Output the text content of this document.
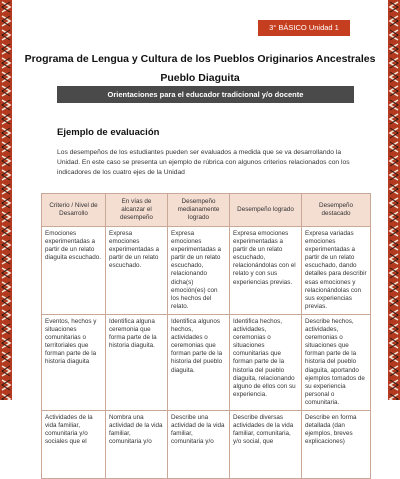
3° BÁSICO Unidad 1
Programa de Lengua y Cultura de los Pueblos Originarios Ancestrales
Pueblo Diaguita
Orientaciones para el educador tradicional y/o docente
Ejemplo de evaluación

Los desempeños de los estudiantes pueden ser evaluados a medida que se va desarrollando la Unidad. En este caso se presenta un ejemplo de rúbrica con algunos criterios relacionados con los indicadores de los cuatro ejes de la Unidad

Criterio / Nivel de Desarrollo	En vías de alcanzar el desempeño	Desempeño medianamente logrado	Desempeño logrado	Desempeño destacado
Emociones experimentadas a partir de un relato diaguita escuchado.	Expresa emociones experimentadas a partir de un relato escuchado.	Expresa emociones experimentadas a partir de un relato escuchado, relacionando dicha(s) emoción(es) con los hechos del relato.	Expresa emociones experimentadas a partir de un relato escuchado, relacionándolas con el relato y con sus experiencias previas.	Expresa variadas emociones experimentadas a partir de un relato escuchado, dando detalles para describir esas emociones y relacionándolas con sus experiencias previas.
Eventos, hechos y situaciones comunitarias o territoriales que forman parte de la historia diaguita	Identifica alguna ceremonia que forma parte de la historia diaguita.	Identifica algunos hechos, actividades o ceremonias que forman parte de la historia del pueblo diaguita.	Identifica hechos, actividades, ceremonias o situaciones comunitarias que forman parte de la historia del pueblo diaguita, relacionando alguno de ellos con su experiencia.	Describe hechos, actividades, ceremonias o situaciones que forman parte de la historia del pueblo diaguita, aportando ejemplos tomados de su experiencia personal o comunitaria.
Actividades de la vida familiar, comunitaria y/o sociales que el	Nombra una actividad de la vida familiar, comunitaria y/o	Describe una actividad de la vida familiar, comunitaria y/o	Describe diversas actividades de la vida familiar, comunitaria, y/o social, que	Describe en forma detallada (dan ejemplos, breves explicaciones)
